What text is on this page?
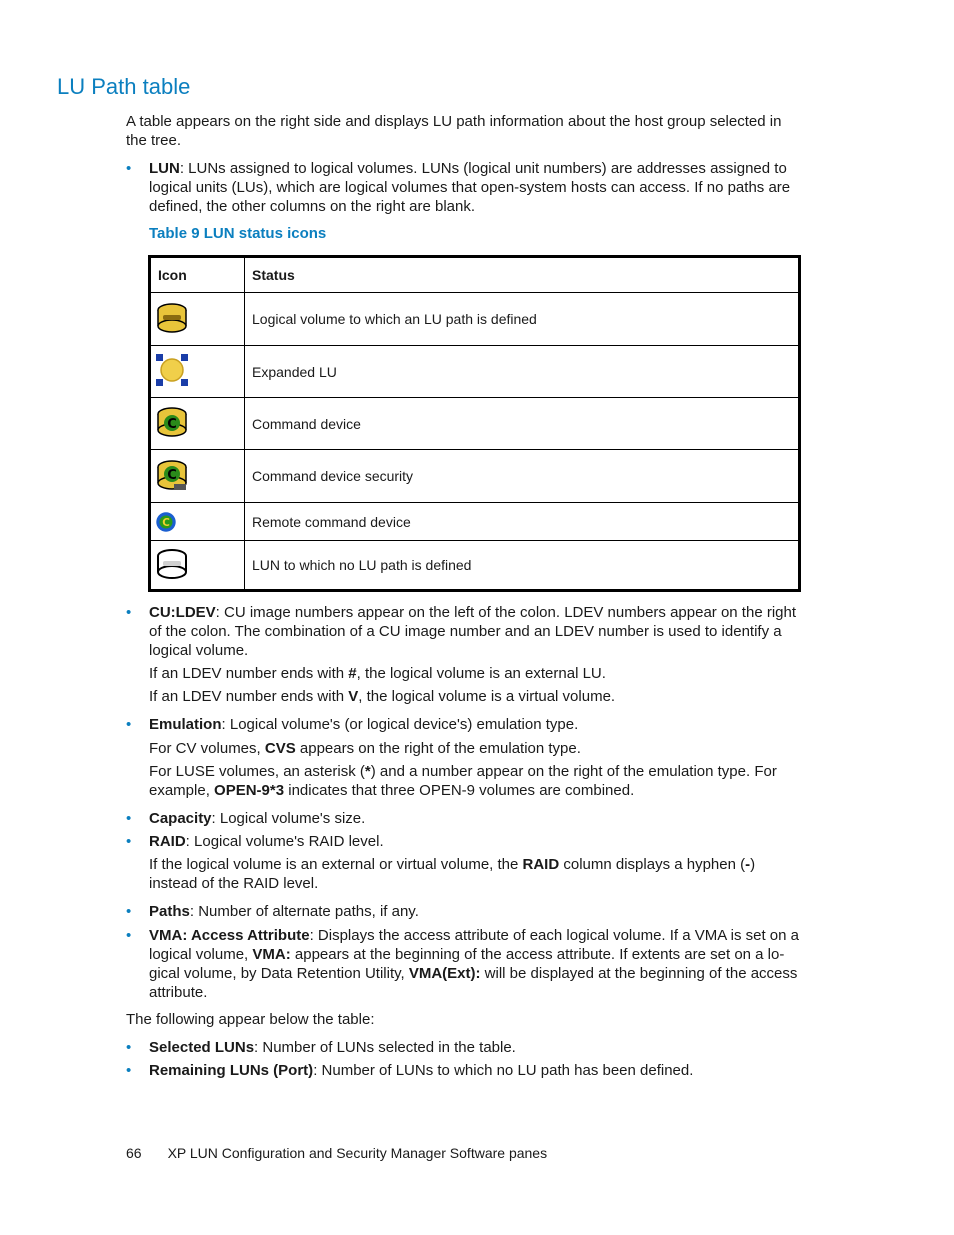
LU Path table

A table appears on the right side and displays LU path information about the host group selected in the tree.

• LUN: LUNs assigned to logical volumes. LUNs (logical unit numbers) are addresses assigned to logical units (LUs), which are logical volumes that open-system hosts can access. If no paths are defined, the other columns on the right are blank.
Table 9 LUN status icons
Icon	Status
	Logical volume to which an LU path is defined
	Expanded LU

C	Command device

C	Command device security

C	Remote command device
	LUN to which no LU path is defined
• CU:LDEV: CU image numbers appear on the left of the colon. LDEV numbers appear on the right of the colon. The combination of a CU image number and an LDEV number is used to identify a logical volume.
If an LDEV number ends with #, the logical volume is an external LU.
If an LDEV number ends with V, the logical volume is a virtual volume.
• Emulation: Logical volume's (or logical device's) emulation type.
For CV volumes, CVS appears on the right of the emulation type.
For LUSE volumes, an asterisk (*) and a number appear on the right of the emulation type. For example, OPEN-9*3 indicates that three OPEN-9 volumes are combined.
• Capacity: Logical volume's size.
• RAID: Logical volume's RAID level.
If the logical volume is an external or virtual volume, the RAID column displays a hyphen (-) instead of the RAID level.
• Paths: Number of alternate paths, if any.
• VMA: Access Attribute: Displays the access attribute of each logical volume. If a VMA is set on a logical volume, VMA: appears at the beginning of the access attribute. If extents are set on a lo-gical volume, by Data Retention Utility, VMA(Ext): will be displayed at the beginning of the access attribute.
The following appear below the table:
• Selected LUNs: Number of LUNs selected in the table.
• Remaining LUNs (Port): Number of LUNs to which no LU path has been defined.
66 XP LUN Configuration and Security Manager Software panes
